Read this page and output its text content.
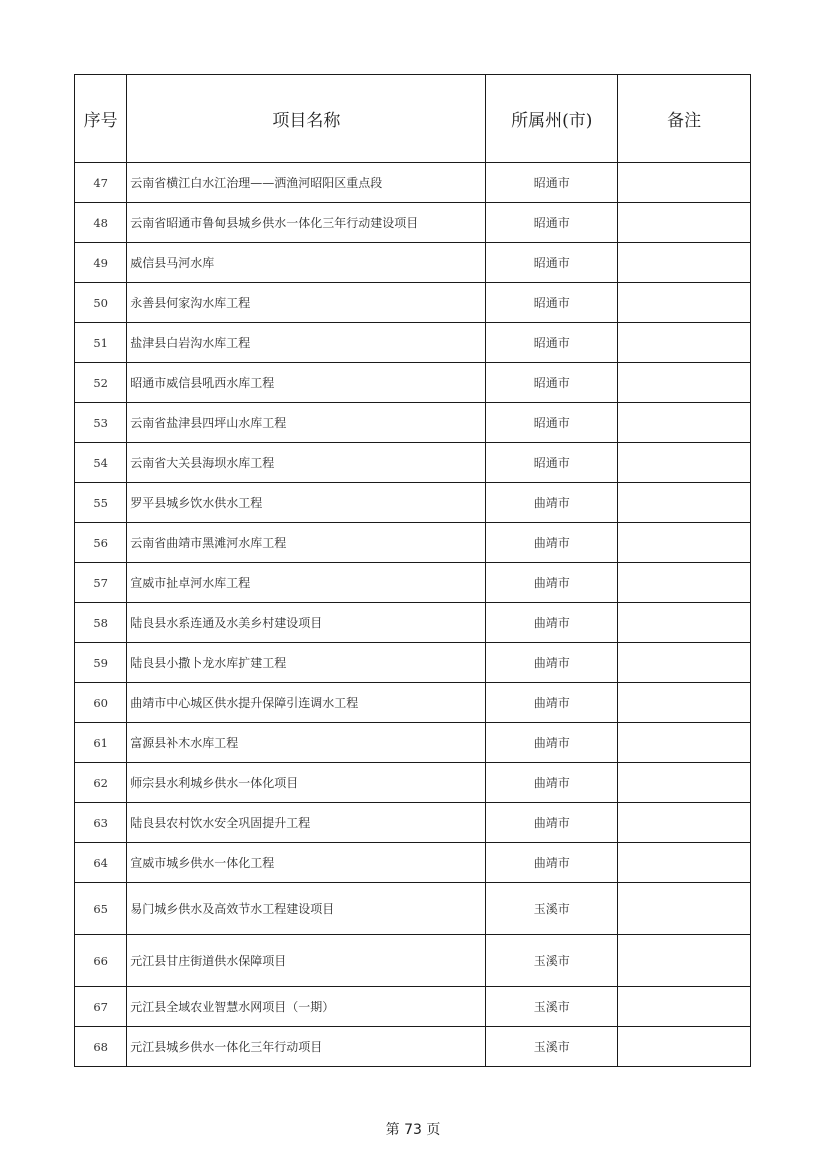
序号	项目名称	所属州(市)	备注
47	云南省横江白水江治理——洒渔河昭阳区重点段	昭通市	
48	云南省昭通市鲁甸县城乡供水一体化三年行动建设项目	昭通市	
49	威信县马河水库	昭通市	
50	永善县何家沟水库工程	昭通市	
51	盐津县白岩沟水库工程	昭通市	
52	昭通市威信县吼西水库工程	昭通市	
53	云南省盐津县四坪山水库工程	昭通市	
54	云南省大关县海坝水库工程	昭通市	
55	罗平县城乡饮水供水工程	曲靖市	
56	云南省曲靖市黑滩河水库工程	曲靖市	
57	宣威市扯卓河水库工程	曲靖市	
58	陆良县水系连通及水美乡村建设项目	曲靖市	
59	陆良县小撒卜龙水库扩建工程	曲靖市	
60	曲靖市中心城区供水提升保障引连调水工程	曲靖市	
61	富源县补木水库工程	曲靖市	
62	师宗县水利城乡供水一体化项目	曲靖市	
63	陆良县农村饮水安全巩固提升工程	曲靖市	
64	宣威市城乡供水一体化工程	曲靖市	
65	易门城乡供水及高效节水工程建设项目	玉溪市	
66	元江县甘庄街道供水保障项目	玉溪市	
67	元江县全域农业智慧水网项目（一期）	玉溪市	
68	元江县城乡供水一体化三年行动项目	玉溪市	
第 73 页
